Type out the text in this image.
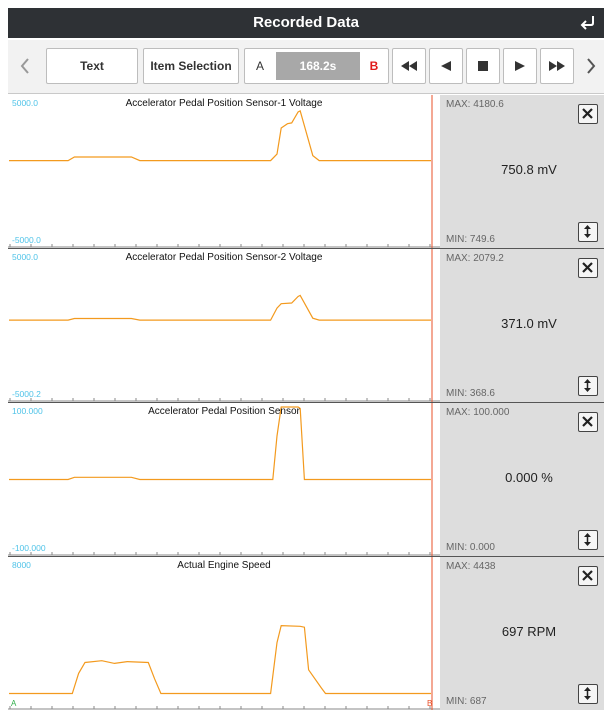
Recorded Data
Text	Item Selection	A	168.2s	B
5000.0	Accelerator Pedal Position Sensor-1 Voltage
-5000.0
MAX: 4180.6
750.8 mV
MIN: 749.6
5000.0	Accelerator Pedal Position Sensor-2 Voltage
-5000.2
MAX: 2079.2
371.0 mV
MIN: 368.6
100.000	Accelerator Pedal Position Sensor
-100.000
MAX: 100.000
0.000 %
MIN: 0.000
8000	Actual Engine Speed
A	B
MAX: 4438
697 RPM
MIN: 687
